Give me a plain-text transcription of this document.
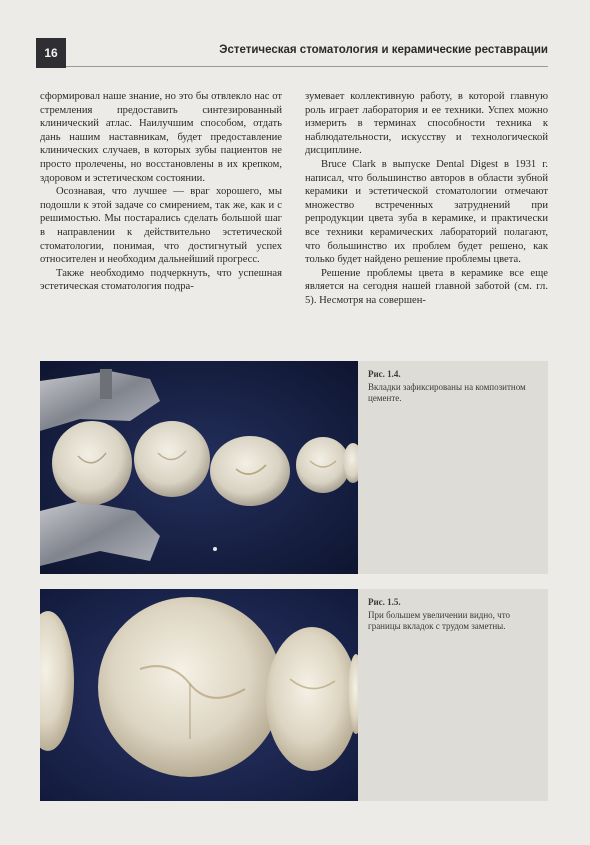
16	Эстетическая стоматология и керамические реставрации

сформировал наше знание, но это бы отвлекло нас от стремления предоставить синтезированный клинический атлас. Наилучшим способом, отдать дань нашим наставникам, будет предоставление клинических случаев, в которых зубы пациентов не просто пролечены, но восстановлены в их крепком, здоровом и эстетическом состоянии.

Осознавая, что лучшее — враг хорошего, мы подошли к этой задаче со смирением, так же, как и с решимостью. Мы постарались сделать большой шаг в направлении к действительно эстетической стоматологии, понимая, что достигнутый успех относителен и необходим дальнейший прогресс.

Также необходимо подчеркнуть, что успешная эстетическая стоматология подра-

зумевает коллективную работу, в которой главную роль играет лаборатория и ее техники. Успех можно измерить в терминах способности техника к наблюдательности, искусству и технологической дисциплине.

Bruce Clark в выпуске Dental Digest в 1931 г. написал, что большинство авторов в области зубной керамики и эстетической стоматологии отмечают множество встреченных затруднений при репродукции цвета зуба в керамике, и практически все техники керамических лабораторий полагают, что большинство их проблем будет решено, как только будет найдено решение проблемы цвета.

Решение проблемы цвета в керамике все еще является на сегодня нашей главной заботой (см. гл. 5). Несмотря на совершен-

Рис. 1.4.
Вкладки зафиксированы на композитном цементе.
Рис. 1.5.
При большем увеличении видно, что границы вкладок с трудом заметны.
